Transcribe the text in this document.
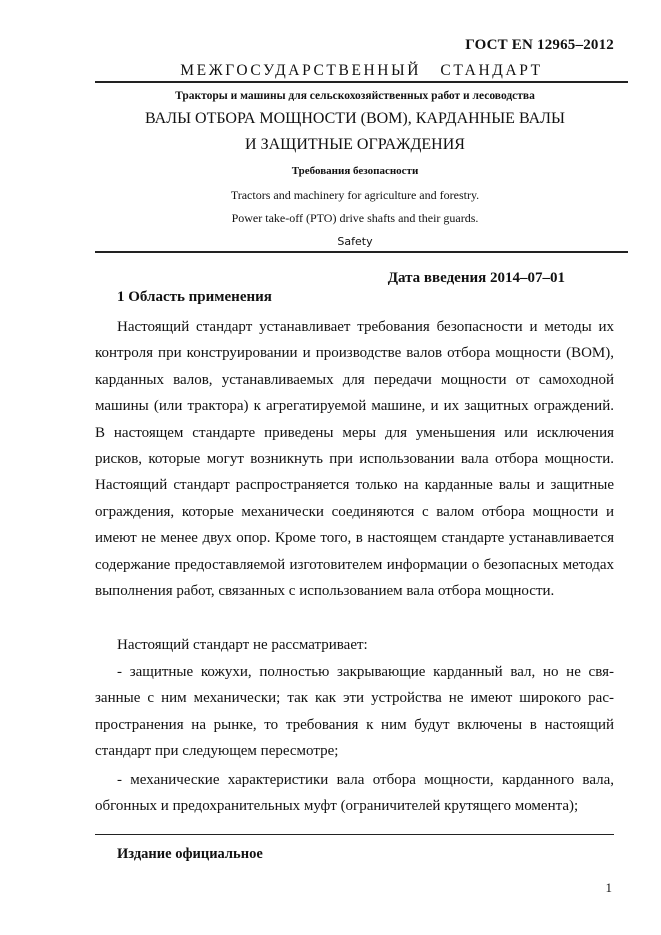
ГОСТ EN 12965–2012
МЕЖГОСУДАРСТВЕННЫЙ   СТАНДАРТ
Тракторы и машины для сельскохозяйственных работ и лесоводства
ВАЛЫ ОТБОРА МОЩНОСТИ (ВОМ), КАРДАННЫЕ ВАЛЫ
И ЗАЩИТНЫЕ ОГРАЖДЕНИЯ
Требования безопасности
Tractors and machinery for agriculture and forestry.
Power take-off (PTO) drive shafts and their guards.
Safety
Дата введения 2014–07–01
1 Область применения

Настоящий стандарт устанавливает требования безопасности и методы их контроля при конструировании и производстве валов отбора мощности (ВОМ), карданных валов, устанавливаемых для передачи мощности от самоходной машины (или трактора) к агрегатируемой машине, и их защитных ограждений. В настоящем стандарте приведены меры для уменьшения или исключения рисков, которые могут возникнуть при использовании вала отбора мощности. Настоящий стандарт распространяется только на карданные валы и защитные ограждения, которые механически соединяются с валом отбора мощности и имеют не менее двух опор. Кроме того, в настоящем стандарте устанавливается содержание предоставляемой изготовителем информации о безопасных методах выполнения работ, связанных с использованием вала отбора мощности.

Настоящий стандарт не рассматривает:

- защитные кожухи, полностью закрывающие карданный вал, но не связанные с ним механически; так как эти устройства не имеют широкого распространения на рынке, то требования к ним будут включены в настоящий стандарт при следующем пересмотре;

- механические характеристики вала отбора мощности, карданного вала, обгонных и предохранительных муфт (ограничителей крутящего момента);

Издание официальное
1
